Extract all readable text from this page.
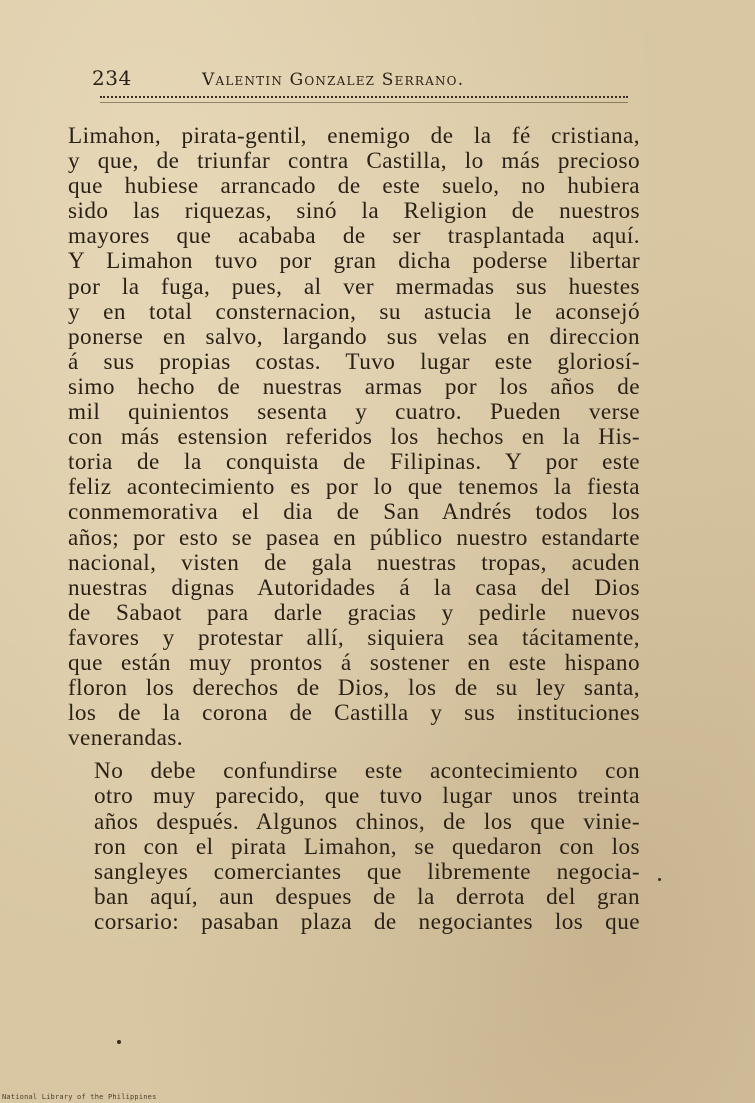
234	Valentin Gonzalez Serrano.

Limahon, pirata-gentil, enemigo de la fé cristiana,
y que, de triunfar contra Castilla, lo más precioso
que hubiese arrancado de este suelo, no hubiera
sido las riquezas, sinó la Religion de nuestros
mayores que acababa de ser trasplantada aquí.
Y Limahon tuvo por gran dicha poderse libertar
por la fuga, pues, al ver mermadas sus huestes
y en total consternacion, su astucia le aconsejó
ponerse en salvo, largando sus velas en direccion
á sus propias costas. Tuvo lugar este gloriosí-
simo hecho de nuestras armas por los años de
mil quinientos sesenta y cuatro. Pueden verse
con más estension referidos los hechos en la His-
toria de la conquista de Filipinas. Y por este
feliz acontecimiento es por lo que tenemos la fiesta
conmemorativa el dia de San Andrés todos los
años; por esto se pasea en público nuestro estandarte
nacional, visten de gala nuestras tropas, acuden
nuestras dignas Autoridades á la casa del Dios
de Sabaot para darle gracias y pedirle nuevos
favores y protestar allí, siquiera sea tácitamente,
que están muy prontos á sostener en este hispano
floron los derechos de Dios, los de su ley santa,
los de la corona de Castilla y sus instituciones
venerandas.

No debe confundirse este acontecimiento con
otro muy parecido, que tuvo lugar unos treinta
años después. Algunos chinos, de los que vinie-
ron con el pirata Limahon, se quedaron con los
sangleyes comerciantes que libremente negocia-
ban aquí, aun despues de la derrota del gran
corsario: pasaban plaza de negociantes los que

National Library of the Philippines
